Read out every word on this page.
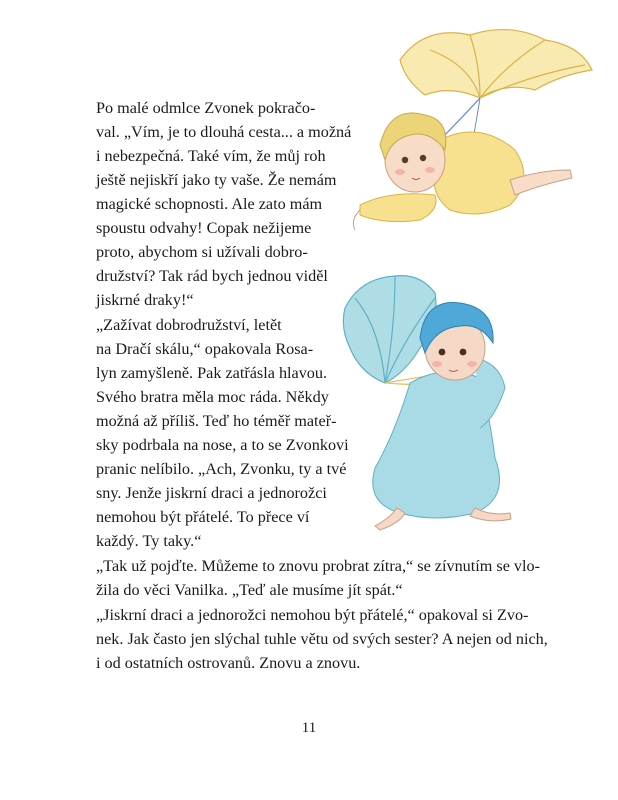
Po malé odmlce Zvonek pokračo-
val. „Vím, je to dlouhá cesta... a možná
i nebezpečná. Také vím, že můj roh
ještě nejiskří jako ty vaše. Že nemám
magické schopnosti. Ale zato mám
spoustu odvahy! Copak nežijeme
proto, abychom si užívali dobro-
družství? Tak rád bych jednou viděl
jiskrné draky!“
„Zažívat dobrodružství, letět
na Dračí skálu,“ opakovala Rosa-
lyn zamyšleně. Pak zatřásla hlavou.
Svého bratra měla moc ráda. Někdy
možná až příliš. Teď ho téměř mateř-
sky podrbala na nose, a to se Zvonkovi
pranic nelíbilo. „Ach, Zvonku, ty a tvé
sny. Jenže jiskrní draci a jednorožci
nemohou být přátelé. To přece ví
každý. Ty taky.“
„Tak už pojďte. Můžeme to znovu probrat zítra,“ se zívnutím se vlo-
žila do věci Vanilka. „Teď ale musíme jít spát.“
„Jiskrní draci a jednorožci nemohou být přátelé,“ opakoval si Zvo-
nek. Jak často jen slýchal tuhle větu od svých sester? A nejen od nich,
i od ostatních ostrovanů. Znovu a znovu.
11
